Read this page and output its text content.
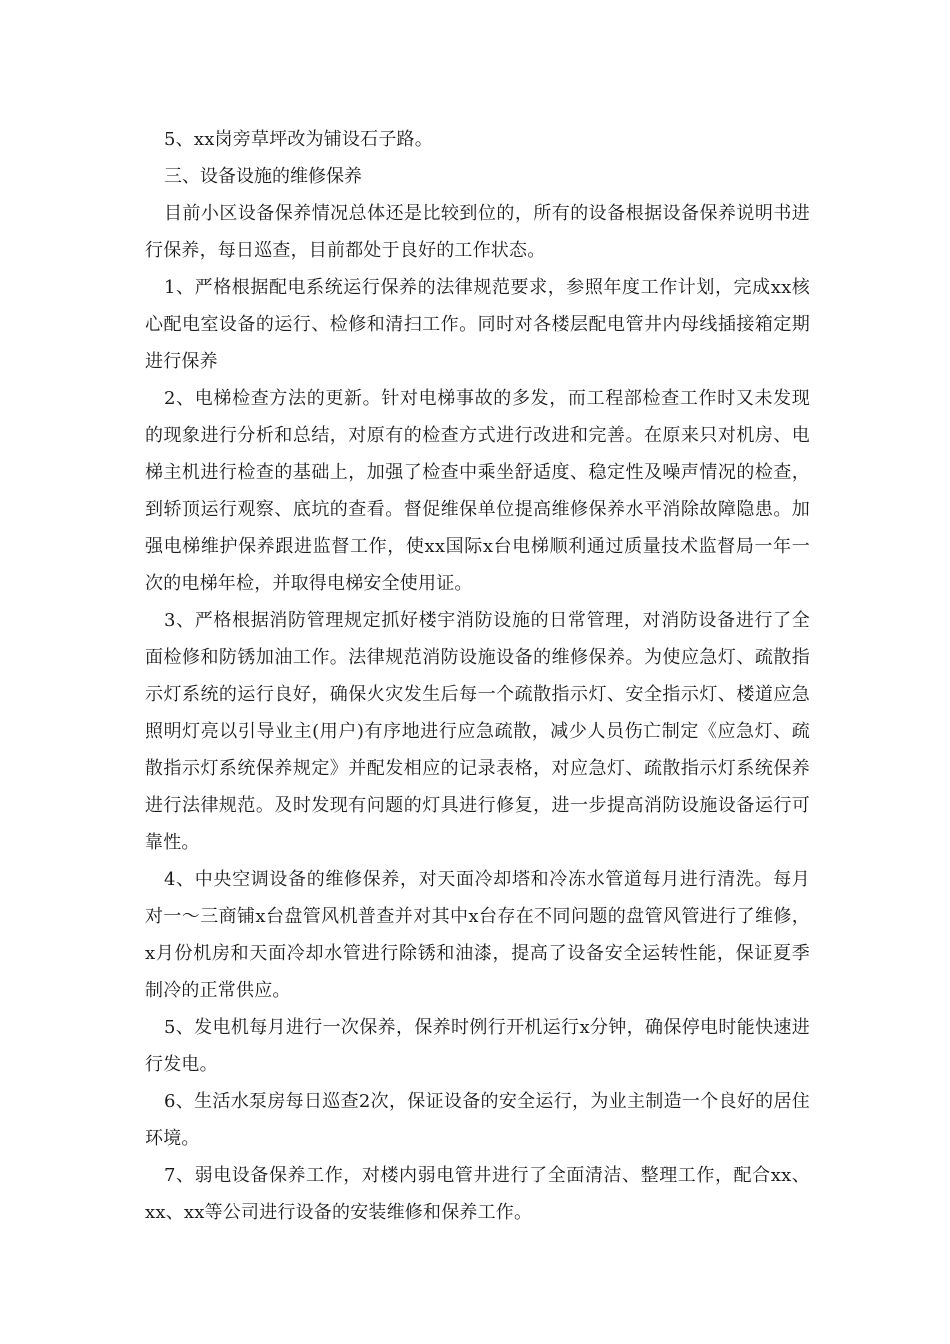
5、xx岗旁草坪改为铺设石子路。

三、设备设施的维修保养

目前小区设备保养情况总体还是比较到位的，所有的设备根据设备保养说明书进行保养，每日巡查，目前都处于良好的工作状态。

1、严格根据配电系统运行保养的法律规范要求，参照年度工作计划，完成xx核心配电室设备的运行、检修和清扫工作。同时对各楼层配电管井内母线插接箱定期进行保养

2、电梯检查方法的更新。针对电梯事故的多发，而工程部检查工作时又未发现的现象进行分析和总结，对原有的检查方式进行改进和完善。在原来只对机房、电梯主机进行检查的基础上，加强了检查中乘坐舒适度、稳定性及噪声情况的检查，到轿顶运行观察、底坑的查看。督促维保单位提高维修保养水平消除故障隐患。加强电梯维护保养跟进监督工作，使xx国际x台电梯顺利通过质量技术监督局一年一次的电梯年检，并取得电梯安全使用证。

3、严格根据消防管理规定抓好楼宇消防设施的日常管理，对消防设备进行了全面检修和防锈加油工作。法律规范消防设施设备的维修保养。为使应急灯、疏散指示灯系统的运行良好，确保火灾发生后每一个疏散指示灯、安全指示灯、楼道应急照明灯亮以引导业主(用户)有序地进行应急疏散，减少人员伤亡制定《应急灯、疏散指示灯系统保养规定》并配发相应的记录表格，对应急灯、疏散指示灯系统保养进行法律规范。及时发现有问题的灯具进行修复，进一步提高消防设施设备运行可靠性。

4、中央空调设备的维修保养，对天面冷却塔和冷冻水管道每月进行清洗。每月对一～三商铺x台盘管风机普查并对其中x台存在不同问题的盘管风管进行了维修，x月份机房和天面冷却水管进行除锈和油漆，提高了设备安全运转性能，保证夏季制冷的正常供应。

5、发电机每月进行一次保养，保养时例行开机运行x分钟，确保停电时能快速进行发电。

6、生活水泵房每日巡查2次，保证设备的安全运行，为业主制造一个良好的居住环境。

7、弱电设备保养工作，对楼内弱电管井进行了全面清洁、整理工作，配合xx、xx、xx等公司进行设备的安装维修和保养工作。
